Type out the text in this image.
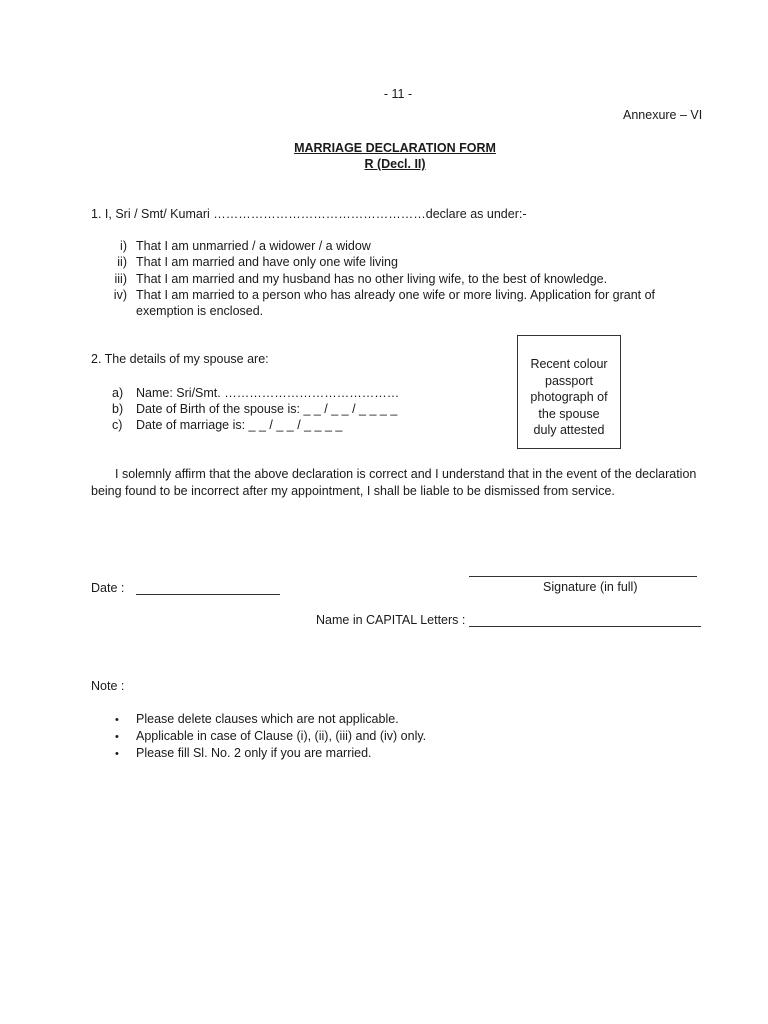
- 11 -
Annexure – VI
MARRIAGE DECLARATION FORM
R (Decl. II)
1. I, Sri / Smt/ Kumari ……………………………………………declare as under:-
i) That I am unmarried / a widower / a widow
ii) That I am married and have only one wife living
iii) That I am married and my husband has no other living wife, to the best of knowledge.
iv) That I am married to a person who has already one wife or more living. Application for grant of
exemption is enclosed.
2. The details of my spouse are:
a) Name: Sri/Smt. ……………………………………
b) Date of Birth of the spouse is: _ _ / _ _ / _ _ _ _
c) Date of marriage is: _ _ / _ _ / _ _ _ _
Recent colour
passport
photograph of
the spouse
duly attested
I solemnly affirm that the above declaration is correct and I understand that in the event of the declaration
being found to be incorrect after my appointment, I shall be liable to be dismissed from service.
Date :	Signature (in full)
Name in CAPITAL Letters :
Note :
• Please delete clauses which are not applicable.
• Applicable in case of Clause (i), (ii), (iii) and (iv) only.
• Please fill Sl. No. 2 only if you are married.
